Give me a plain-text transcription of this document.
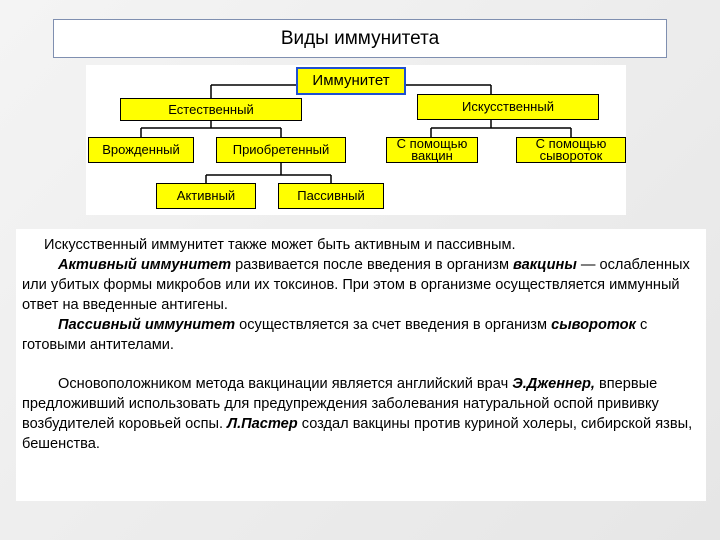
Виды иммунитета
Иммунитет
Естественный	Искусственный
Врожденный	Приобретенный	С помощью
вакцин
С помощью
сывороток
Активный	Пассивный

Искусственный иммунитет также может быть активным и пассивным.

Активный иммунитет развивается после введения в организм вакцины — ослабленных или убитых формы микробов или их токсинов. При этом в организме осуществляется иммунный ответ на введенные антигены.

Пассивный иммунитет осуществляется за счет введения в организм сывороток с готовыми антителами.

Основоположником метода вакцинации является английский врач Э.Дженнер, впервые предложивший использовать для предупреждения заболевания натуральной оспой прививку возбудителей коровьей оспы. Л.Пастер создал вакцины против куриной холеры, сибирской язвы, бешенства.
